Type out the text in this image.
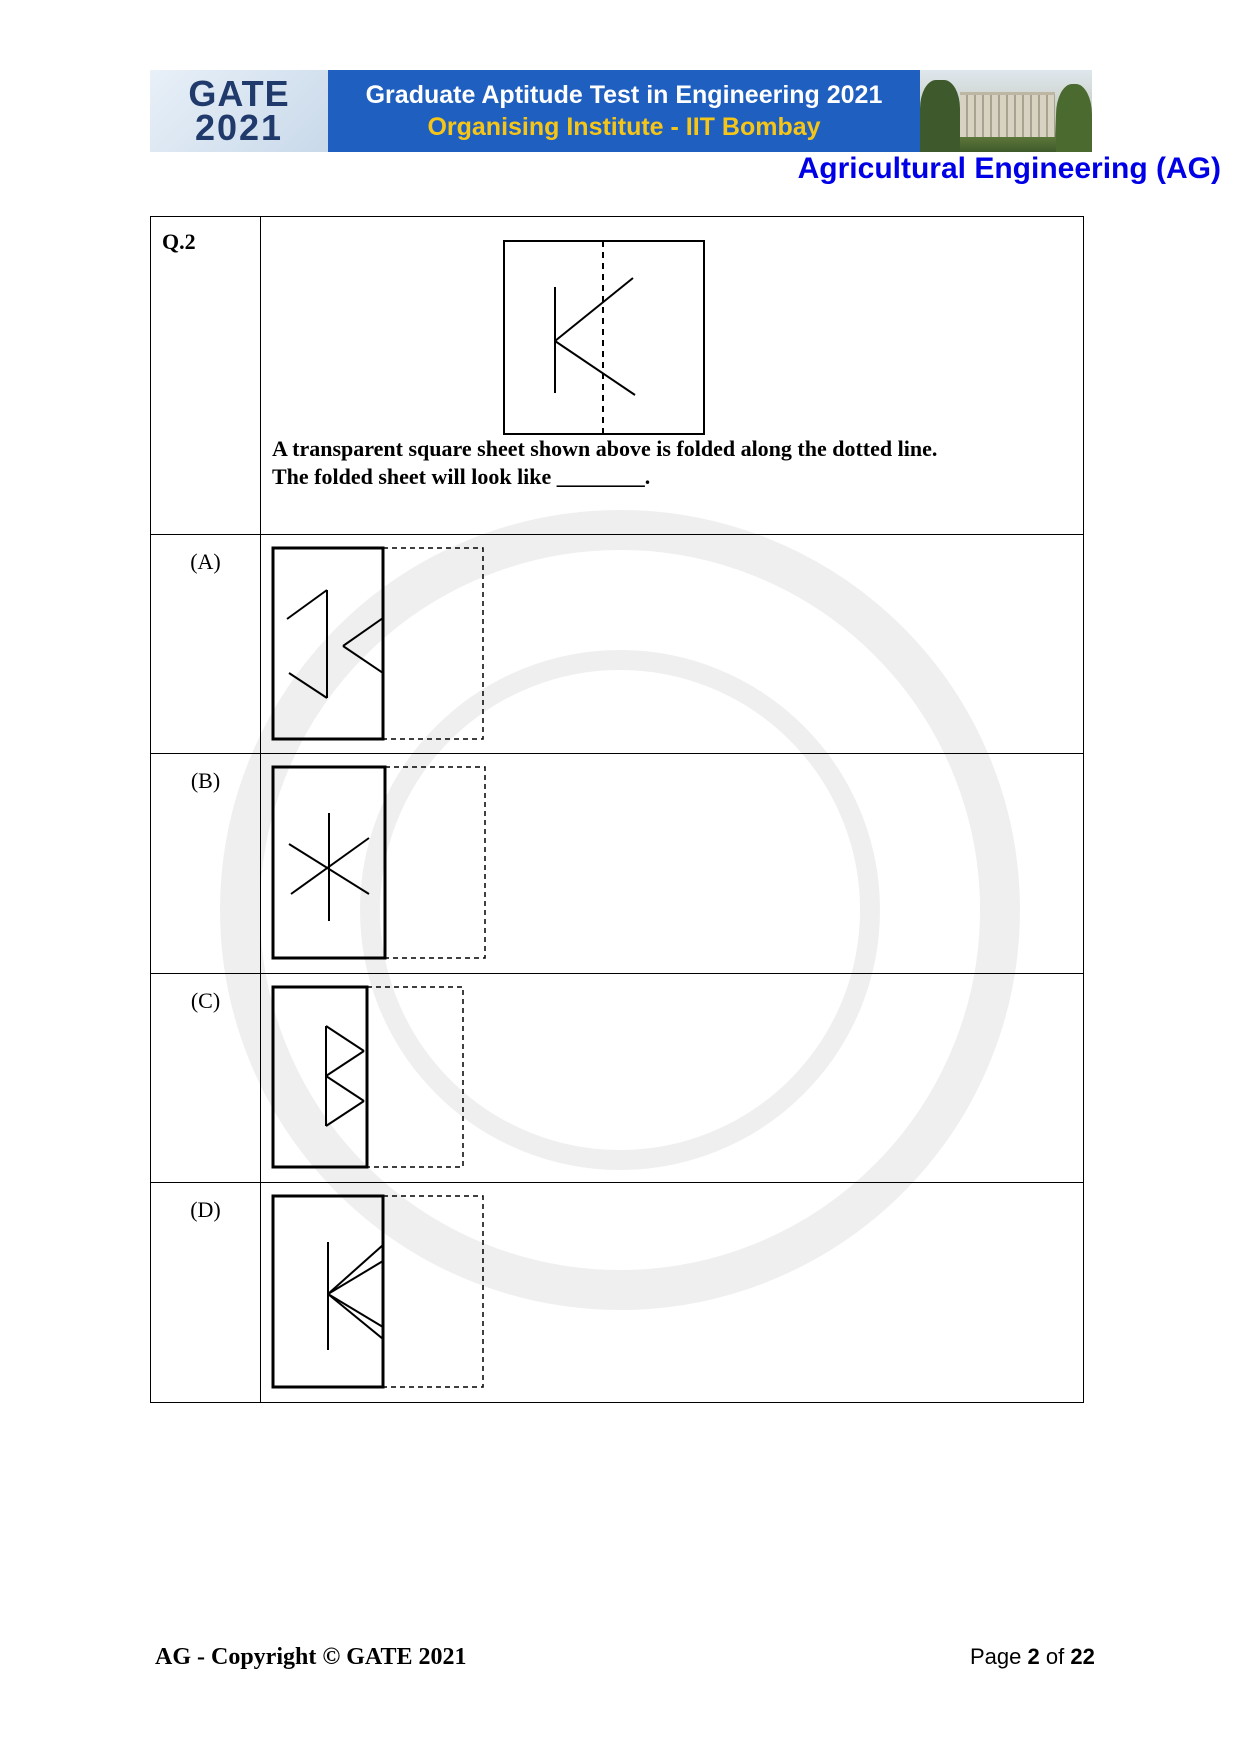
GATE
2021
Graduate Aptitude Test in Engineering 2021
Organising Institute - IIT Bombay
Agricultural Engineering (AG)
Q.2	A transparent square sheet shown above is folded along the dotted line.
The folded sheet will look like ________.

(A)

(B)

(C)

(D)

AG - Copyright © GATE 2021	Page 2 of 22
